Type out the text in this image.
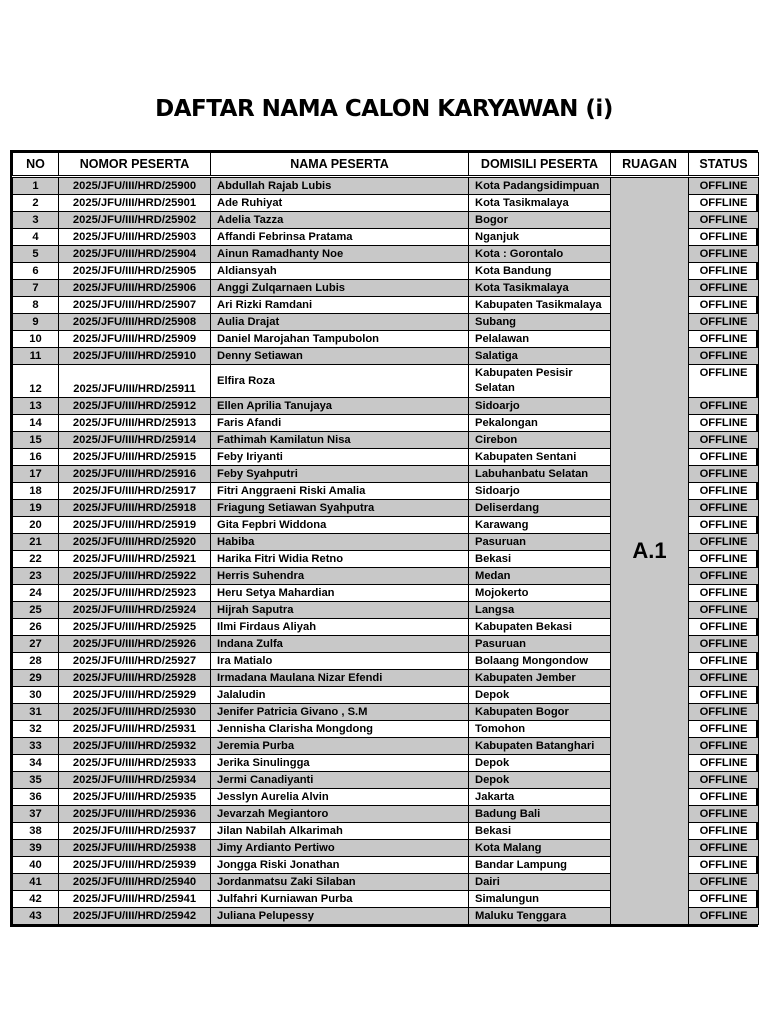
DAFTAR NAMA CALON KARYAWAN (i)
NO	NOMOR PESERTA	NAMA PESERTA	DOMISILI PESERTA	RUAGAN	STATUS
1	2025/JFU/III/HRD/25900	Abdullah Rajab Lubis	Kota Padangsidimpuan	A.1	OFFLINE
2	2025/JFU/III/HRD/25901	Ade Ruhiyat	Kota Tasikmalaya		OFFLINE
3	2025/JFU/III/HRD/25902	Adelia Tazza	Bogor		OFFLINE
4	2025/JFU/III/HRD/25903	Affandi Febrinsa Pratama	Nganjuk		OFFLINE
5	2025/JFU/III/HRD/25904	Ainun Ramadhanty Noe	Kota : Gorontalo		OFFLINE
6	2025/JFU/III/HRD/25905	Aldiansyah	Kota Bandung		OFFLINE
7	2025/JFU/III/HRD/25906	Anggi Zulqarnaen Lubis	Kota Tasikmalaya		OFFLINE
8	2025/JFU/III/HRD/25907	Ari Rizki Ramdani	Kabupaten Tasikmalaya		OFFLINE
9	2025/JFU/III/HRD/25908	Aulia Drajat	Subang		OFFLINE
10	2025/JFU/III/HRD/25909	Daniel Marojahan Tampubolon	Pelalawan		OFFLINE
11	2025/JFU/III/HRD/25910	Denny Setiawan	Salatiga		OFFLINE
12	2025/JFU/III/HRD/25911	Elfira Roza	Kabupaten Pesisir Selatan		OFFLINE
13	2025/JFU/III/HRD/25912	Ellen Aprilia Tanujaya	Sidoarjo		OFFLINE
14	2025/JFU/III/HRD/25913	Faris Afandi	Pekalongan		OFFLINE
15	2025/JFU/III/HRD/25914	Fathimah Kamilatun Nisa	Cirebon		OFFLINE
16	2025/JFU/III/HRD/25915	Feby Iriyanti	Kabupaten Sentani		OFFLINE
17	2025/JFU/III/HRD/25916	Feby Syahputri	Labuhanbatu Selatan		OFFLINE
18	2025/JFU/III/HRD/25917	Fitri Anggraeni Riski Amalia	Sidoarjo		OFFLINE
19	2025/JFU/III/HRD/25918	Friagung Setiawan Syahputra	Deliserdang		OFFLINE
20	2025/JFU/III/HRD/25919	Gita Fepbri Widdona	Karawang		OFFLINE
21	2025/JFU/III/HRD/25920	Habiba	Pasuruan		OFFLINE
22	2025/JFU/III/HRD/25921	Harika Fitri Widia Retno	Bekasi		OFFLINE
23	2025/JFU/III/HRD/25922	Herris Suhendra	Medan		OFFLINE
24	2025/JFU/III/HRD/25923	Heru Setya Mahardian	Mojokerto		OFFLINE
25	2025/JFU/III/HRD/25924	Hijrah Saputra	Langsa		OFFLINE
26	2025/JFU/III/HRD/25925	Ilmi Firdaus Aliyah	Kabupaten Bekasi		OFFLINE
27	2025/JFU/III/HRD/25926	Indana Zulfa	Pasuruan		OFFLINE
28	2025/JFU/III/HRD/25927	Ira Matialo	Bolaang Mongondow		OFFLINE
29	2025/JFU/III/HRD/25928	Irmadana Maulana Nizar Efendi	Kabupaten Jember		OFFLINE
30	2025/JFU/III/HRD/25929	Jalaludin	Depok		OFFLINE
31	2025/JFU/III/HRD/25930	Jenifer Patricia Givano , S.M	Kabupaten Bogor		OFFLINE
32	2025/JFU/III/HRD/25931	Jennisha Clarisha Mongdong	Tomohon		OFFLINE
33	2025/JFU/III/HRD/25932	Jeremia Purba	Kabupaten Batanghari		OFFLINE
34	2025/JFU/III/HRD/25933	Jerika Sinulingga	Depok		OFFLINE
35	2025/JFU/III/HRD/25934	Jermi Canadiyanti	Depok		OFFLINE
36	2025/JFU/III/HRD/25935	Jesslyn Aurelia Alvin	Jakarta		OFFLINE
37	2025/JFU/III/HRD/25936	Jevarzah Megiantoro	Badung Bali		OFFLINE
38	2025/JFU/III/HRD/25937	Jilan Nabilah Alkarimah	Bekasi		OFFLINE
39	2025/JFU/III/HRD/25938	Jimy Ardianto Pertiwo	Kota Malang		OFFLINE
40	2025/JFU/III/HRD/25939	Jongga Riski Jonathan	Bandar Lampung		OFFLINE
41	2025/JFU/III/HRD/25940	Jordanmatsu Zaki Silaban	Dairi		OFFLINE
42	2025/JFU/III/HRD/25941	Julfahri Kurniawan Purba	Simalungun		OFFLINE
43	2025/JFU/III/HRD/25942	Juliana Pelupessy	Maluku Tenggara		OFFLINE
